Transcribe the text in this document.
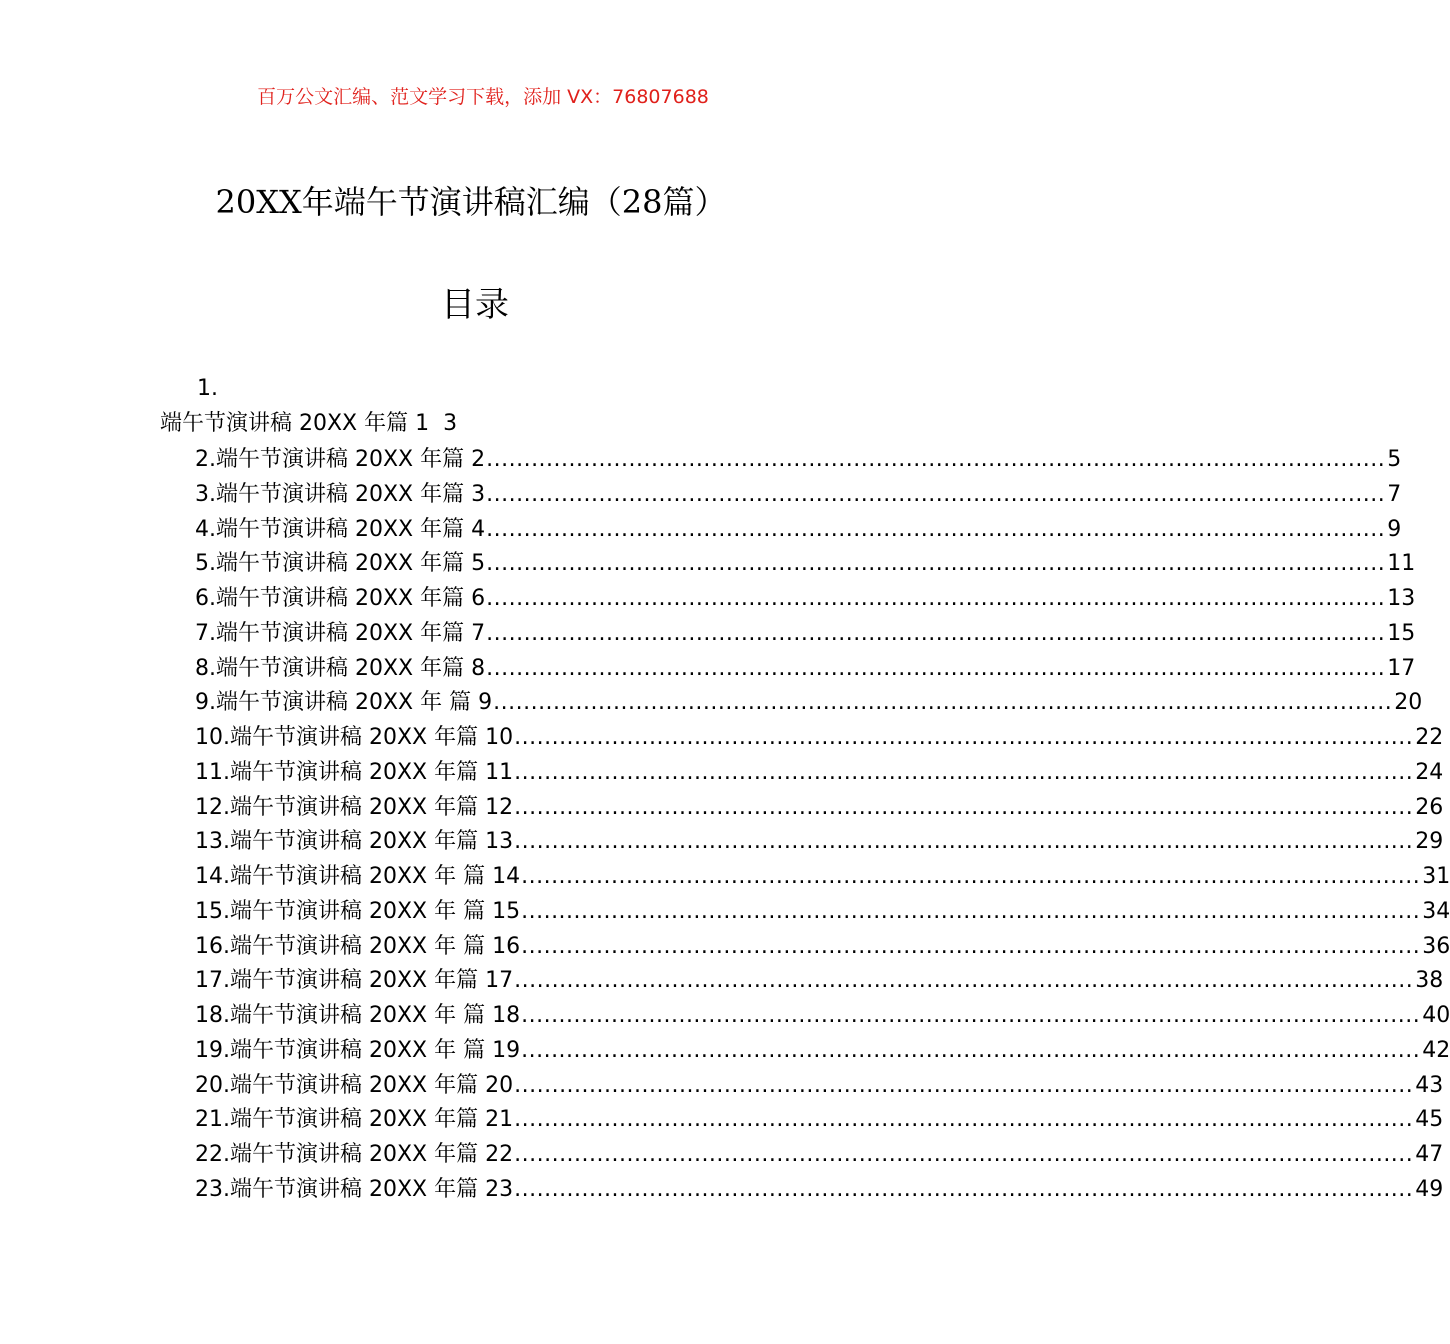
百万公文汇编、范文学习下载，添加 VX：76807688
20XX年端午节演讲稿汇编（28篇）
目录
1.
端午节演讲稿 20XX 年篇 1 3
2.端午节演讲稿 20XX 年篇 2 ........................................................................................................................ 5
3.端午节演讲稿 20XX 年篇 3 ........................................................................................................................ 7
4.端午节演讲稿 20XX 年篇 4 ........................................................................................................................ 9
5.端午节演讲稿 20XX 年篇 5 ........................................................................................................................ 11
6.端午节演讲稿 20XX 年篇 6 ........................................................................................................................ 13
7.端午节演讲稿 20XX 年篇 7 ........................................................................................................................ 15
8.端午节演讲稿 20XX 年篇 8 ........................................................................................................................ 17
9.端午节演讲稿 20XX 年 篇 9 ........................................................................................................................ 20
10.端午节演讲稿 20XX 年篇 10 ........................................................................................................................ 22
11.端午节演讲稿 20XX 年篇 11 ........................................................................................................................ 24
12.端午节演讲稿 20XX 年篇 12 ........................................................................................................................ 26
13.端午节演讲稿 20XX 年篇 13 ........................................................................................................................ 29
14.端午节演讲稿 20XX 年 篇 14 ........................................................................................................................ 31
15.端午节演讲稿 20XX 年 篇 15 ........................................................................................................................ 34
16.端午节演讲稿 20XX 年 篇 16 ........................................................................................................................ 36
17.端午节演讲稿 20XX 年篇 17 ........................................................................................................................ 38
18.端午节演讲稿 20XX 年 篇 18 ........................................................................................................................ 40
19.端午节演讲稿 20XX 年 篇 19 ........................................................................................................................ 42
20.端午节演讲稿 20XX 年篇 20 ........................................................................................................................ 43
21.端午节演讲稿 20XX 年篇 21 ........................................................................................................................ 45
22.端午节演讲稿 20XX 年篇 22 ........................................................................................................................ 47
23.端午节演讲稿 20XX 年篇 23 ........................................................................................................................ 49
